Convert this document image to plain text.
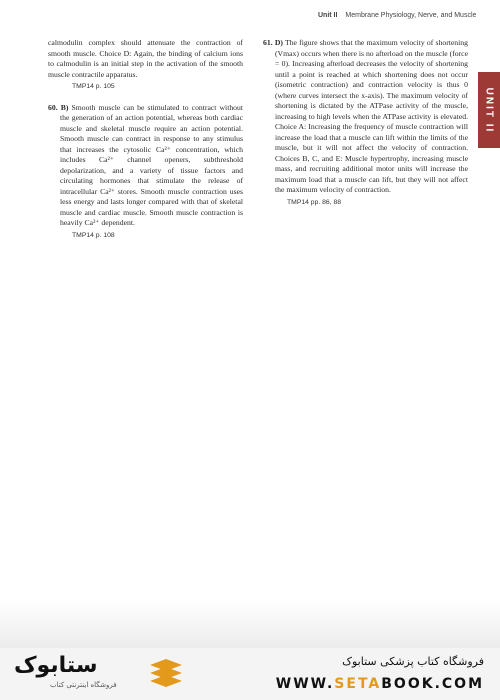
Unit II Membrane Physiology, Nerve, and Muscle
UNIT II

calmodulin complex should attenuate the contraction of smooth muscle. Choice D: Again, the binding of calcium ions to calmodulin is an initial step in the activation of the smooth muscle contractile apparatus.

TMP14 p. 105

60. B) Smooth muscle can be stimulated to contract without the generation of an action potential, whereas both cardiac muscle and skeletal muscle require an action potential. Smooth muscle can contract in response to any stimulus that increases the cytosolic Ca²⁺ concentration, which includes Ca²⁺ channel openers, subthreshold depolarization, and a variety of tissue factors and circulating hormones that stimulate the release of intracellular Ca²⁺ stores. Smooth muscle contraction uses less energy and lasts longer compared with that of skeletal muscle and cardiac muscle. Smooth muscle contraction is heavily Ca²⁺ dependent.

TMP14 p. 108

61. D) The figure shows that the maximum velocity of shortening (Vmax) occurs when there is no afterload on the muscle (force = 0). Increasing afterload decreases the velocity of shortening until a point is reached at which shortening does not occur (isometric contraction) and contraction velocity is thus 0 (where curves intersect the x-axis). The maximum velocity of shortening is dictated by the ATPase activity of the muscle, increasing to high levels when the ATPase activity is elevated. Choice A: Increasing the frequency of muscle contraction will increase the load that a muscle can lift within the limits of the muscle, but it will not affect the velocity of contraction. Choices B, C, and E: Muscle hypertrophy, increasing muscle mass, and recruiting additional motor units will increase the maximum load that a muscle can lift, but they will not affect the maximum velocity of contraction.

TMP14 pp. 86, 88
ستابوک
فروشگاه اینترنتی کتاب
فروشگاه کتاب پزشکی ستابوک
WWW.SETABOOK.COM
